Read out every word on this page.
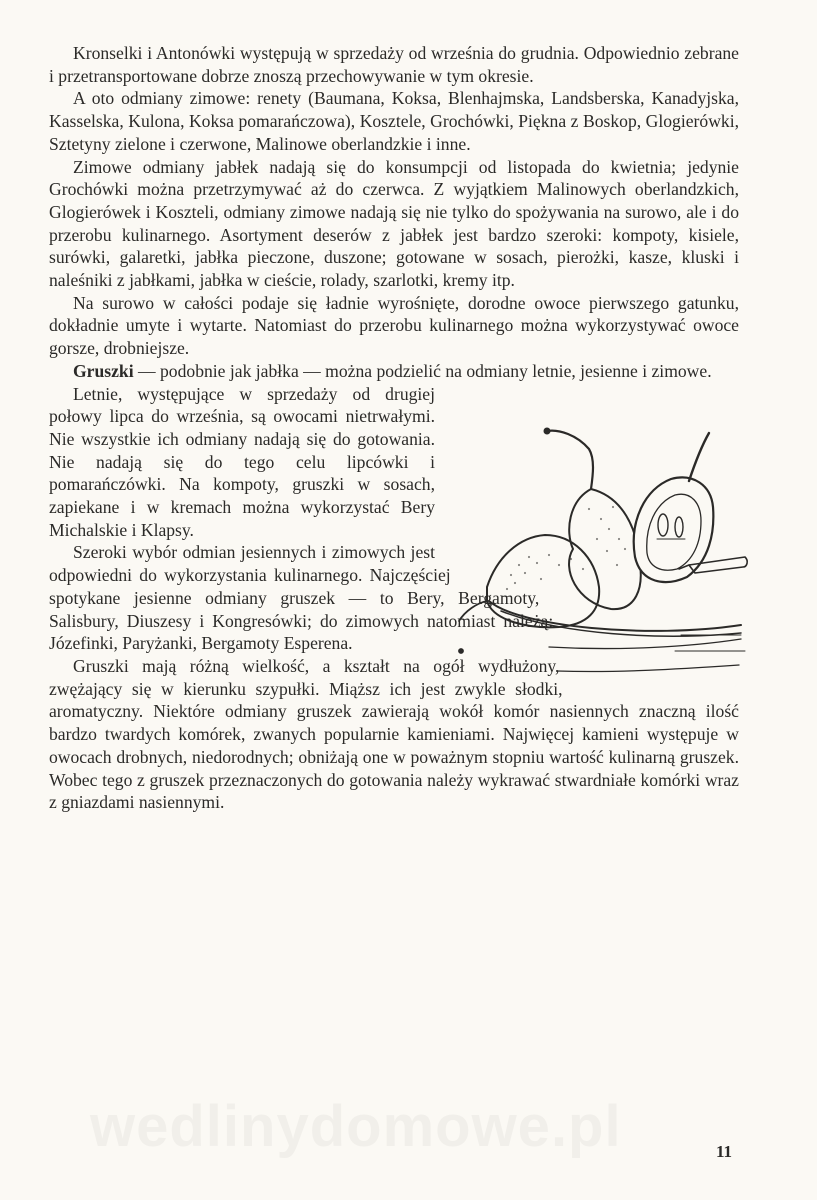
Kronselki i Antonówki występują w sprzedaży od września do grudnia. Odpowiednio zebrane i przetransportowane dobrze znoszą przechowywanie w tym okresie.

A oto odmiany zimowe: renety (Baumana, Koksa, Blenhajmska, Landsberska, Kanadyjska, Kasselska, Kulona, Koksa pomarańczowa), Kosztele, Grochówki, Piękna z Boskop, Glogierówki, Sztetyny zielone i czerwone, Malinowe oberlandzkie i inne.

Zimowe odmiany jabłek nadają się do konsumpcji od listopada do kwietnia; jedynie Grochówki można przetrzymywać aż do czerwca. Z wyjątkiem Malinowych oberlandzkich, Glogierówek i Koszteli, odmiany zimowe nadają się nie tylko do spożywania na surowo, ale i do przerobu kulinarnego. Asortyment deserów z jabłek jest bardzo szeroki: kompoty, kisiele, surówki, galaretki, jabłka pieczone, duszone; gotowane w sosach, pierożki, kasze, kluski i naleśniki z jabłkami, jabłka w cieście, rolady, szarlotki, kremy itp.

Na surowo w całości podaje się ładnie wyrośnięte, dorodne owoce pierwszego gatunku, dokładnie umyte i wytarte. Natomiast do przerobu kulinarnego można wykorzystywać owoce gorsze, drobniejsze.

Gruszki — podobnie jak jabłka — można podzielić na odmiany letnie, jesienne i zimowe.

Letnie, występujące w sprzedaży od drugiej połowy lipca do września, są owocami nietrwałymi. Nie wszystkie ich odmiany nadają się do gotowania. Nie nadają się do tego celu lipcówki i pomarańczówki. Na kompoty, gruszki w sosach, zapiekane i w kremach można wykorzystać Bery Michalskie i Klapsy.

Szeroki wybór odmian jesiennych i zimowych jest odpowiedni do wykorzystania kulinarnego. Najczęściej spotykane jesienne odmiany gruszek — to Bery, Bergamoty, Salisbury, Diuszesy i Kongresówki; do zimowych natomiast należą: Józefinki, Paryżanki, Bergamoty Esperena.

Gruszki mają różną wielkość, a kształt na ogół wydłużony, zwężający się w kierunku szypułki. Miąższ ich jest zwykle słodki, aromatyczny. Niektóre odmiany gruszek zawierają wokół komór nasiennych znaczną ilość bardzo twardych komórek, zwanych popularnie kamieniami. Najwięcej kamieni występuje w owocach drobnych, niedorodnych; obniżają one w poważnym stopniu wartość kulinarną gruszek. Wobec tego z gruszek przeznaczonych do gotowania należy wykrawać stwardniałe komórki wraz z gniazdami nasiennymi.

wedlinydomowe.pl	11
